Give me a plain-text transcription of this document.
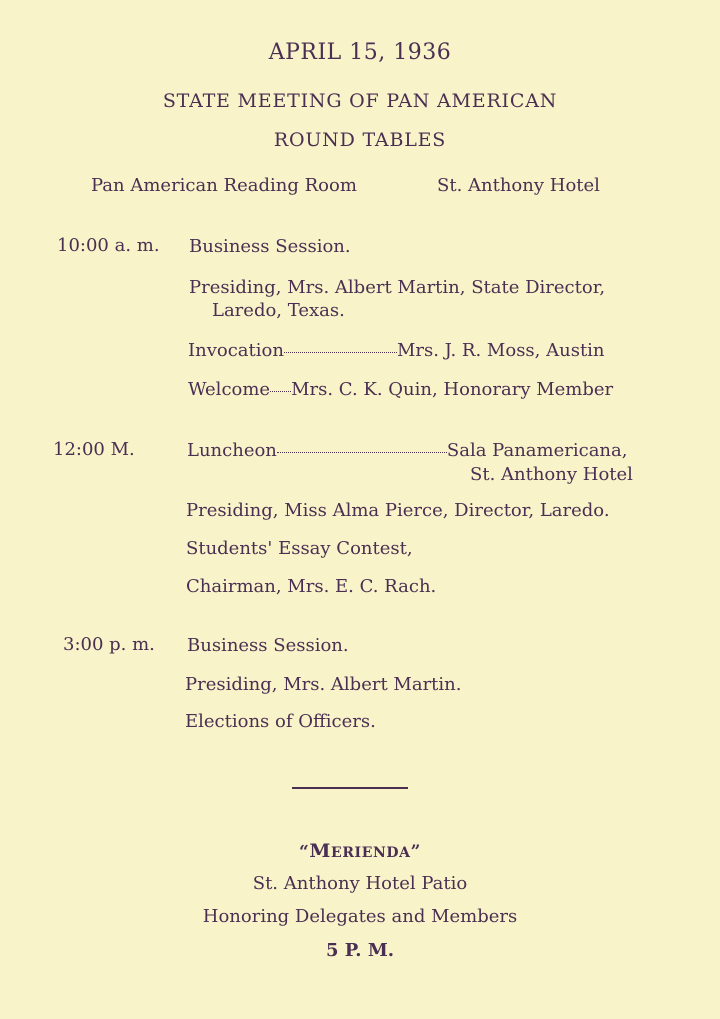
APRIL 15, 1936
STATE MEETING OF PAN AMERICAN
ROUND TABLES
Pan American Reading Room	St. Anthony Hotel
10:00 a. m. Business Session.
Presiding, Mrs. Albert Martin, State Director,
Laredo, Texas.
Invocation	Mrs. J. R. Moss, Austin
Welcome Mrs. C. K. Quin, Honorary Member
12:00 M.	Luncheon	Sala Panamericana,
St. Anthony Hotel
Presiding, Miss Alma Pierce, Director, Laredo.
Students' Essay Contest,
Chairman, Mrs. E. C. Rach.
3:00 p. m. Business Session.
Presiding, Mrs. Albert Martin.
Elections of Officers.
“MERIENDA”
St. Anthony Hotel Patio
Honoring Delegates and Members
5 P. M.
